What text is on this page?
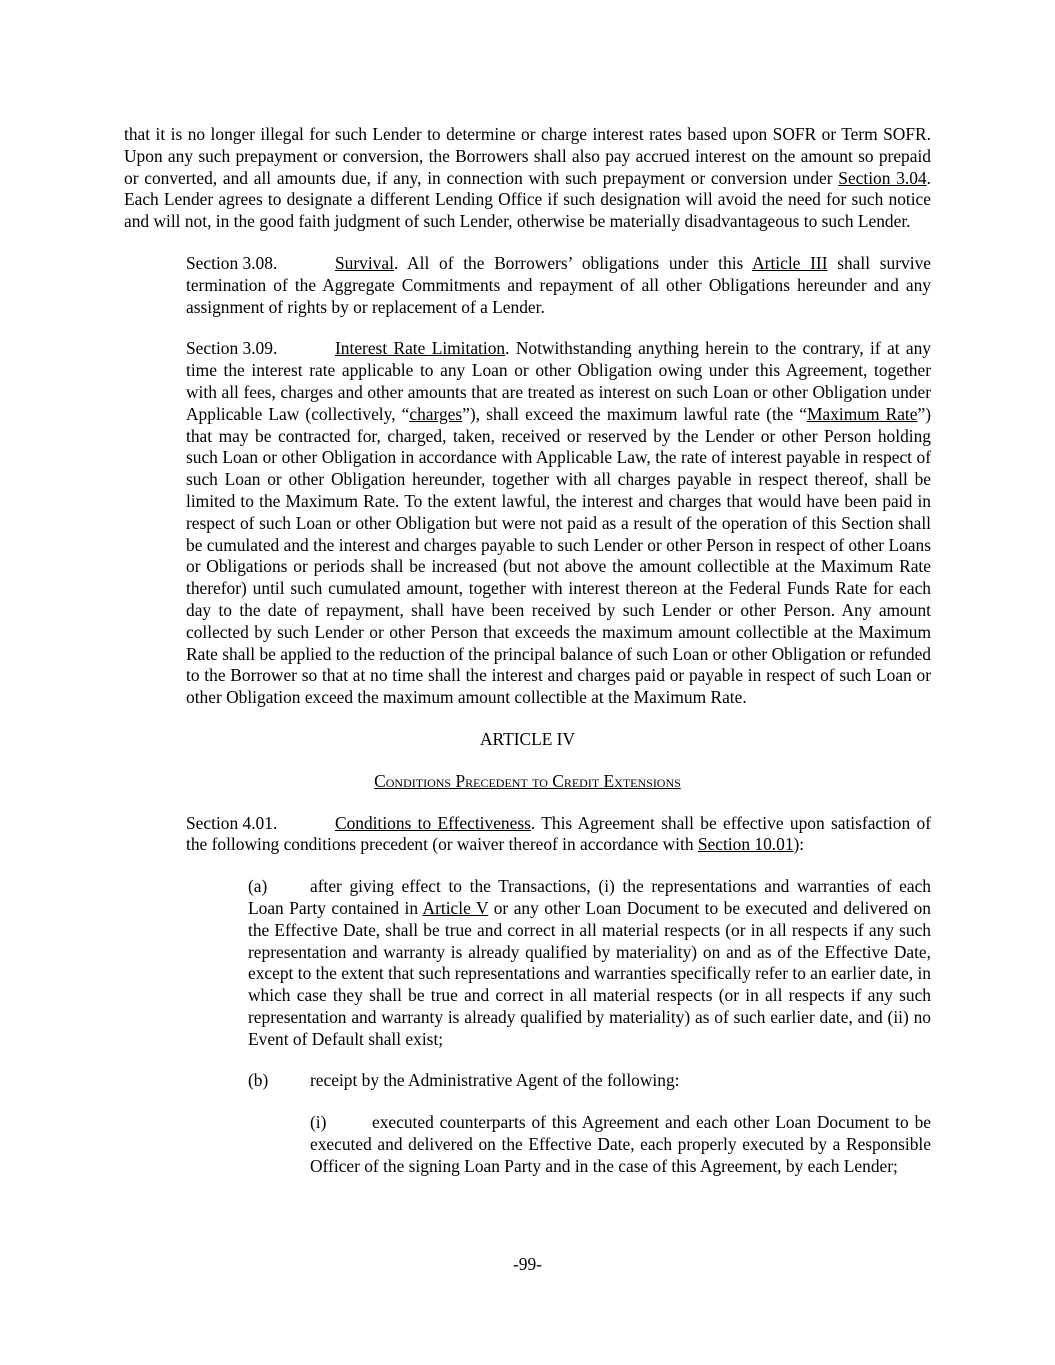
that it is no longer illegal for such Lender to determine or charge interest rates based upon SOFR or Term SOFR. Upon any such prepayment or conversion, the Borrowers shall also pay accrued interest on the amount so prepaid or converted, and all amounts due, if any, in connection with such prepayment or conversion under Section 3.04. Each Lender agrees to designate a different Lending Office if such designation will avoid the need for such notice and will not, in the good faith judgment of such Lender, otherwise be materially disadvantageous to such Lender.

Section 3.08.	Survival. All of the Borrowers’ obligations under this Article III shall survive termination of the Aggregate Commitments and repayment of all other Obligations hereunder and any assignment of rights by or replacement of a Lender.

Section 3.09.	Interest Rate Limitation. Notwithstanding anything herein to the contrary, if at any time the interest rate applicable to any Loan or other Obligation owing under this Agreement, together with all fees, charges and other amounts that are treated as interest on such Loan or other Obligation under Applicable Law (collectively, “charges”), shall exceed the maximum lawful rate (the “Maximum Rate”) that may be contracted for, charged, taken, received or reserved by the Lender or other Person holding such Loan or other Obligation in accordance with Applicable Law, the rate of interest payable in respect of such Loan or other Obligation hereunder, together with all charges payable in respect thereof, shall be limited to the Maximum Rate. To the extent lawful, the interest and charges that would have been paid in respect of such Loan or other Obligation but were not paid as a result of the operation of this Section shall be cumulated and the interest and charges payable to such Lender or other Person in respect of other Loans or Obligations or periods shall be increased (but not above the amount collectible at the Maximum Rate therefor) until such cumulated amount, together with interest thereon at the Federal Funds Rate for each day to the date of repayment, shall have been received by such Lender or other Person. Any amount collected by such Lender or other Person that exceeds the maximum amount collectible at the Maximum Rate shall be applied to the reduction of the principal balance of such Loan or other Obligation or refunded to the Borrower so that at no time shall the interest and charges paid or payable in respect of such Loan or other Obligation exceed the maximum amount collectible at the Maximum Rate.

ARTICLE IV

Conditions Precedent to Credit Extensions

Section 4.01.	Conditions to Effectiveness. This Agreement shall be effective upon satisfaction of the following conditions precedent (or waiver thereof in accordance with Section 10.01):

(a) after giving effect to the Transactions, (i) the representations and warranties of each Loan Party contained in Article V or any other Loan Document to be executed and delivered on the Effective Date, shall be true and correct in all material respects (or in all respects if any such representation and warranty is already qualified by materiality) on and as of the Effective Date, except to the extent that such representations and warranties specifically refer to an earlier date, in which case they shall be true and correct in all material respects (or in all respects if any such representation and warranty is already qualified by materiality) as of such earlier date, and (ii) no Event of Default shall exist;

(b) receipt by the Administrative Agent of the following:

(i)	executed counterparts of this Agreement and each other Loan Document to be executed and delivered on the Effective Date, each properly executed by a Responsible Officer of the signing Loan Party and in the case of this Agreement, by each Lender;

-99-
